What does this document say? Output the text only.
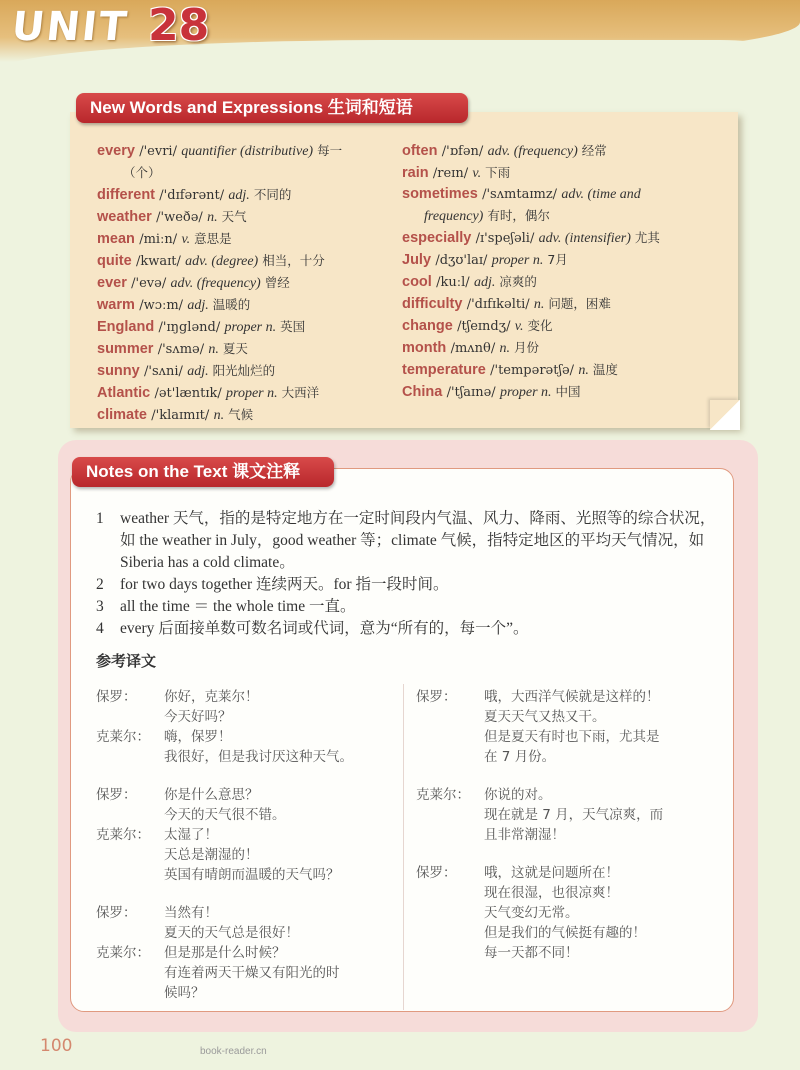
UNIT 28
New Words and Expressions 生词和短语
every /'evri/ quantifier (distributive) 每一
（个）
different /'dɪfərənt/ adj. 不同的
weather /'weðə/ n. 天气
mean /miːn/ v. 意思是
quite /kwaɪt/ adv. (degree) 相当，十分
ever /'evə/ adv. (frequency) 曾经
warm /wɔːm/ adj. 温暖的
England /'ɪŋglənd/ proper n. 英国
summer /'sʌmə/ n. 夏天
sunny /'sʌni/ adj. 阳光灿烂的
Atlantic /ət'læntɪk/ proper n. 大西洋
climate /'klaɪmɪt/ n. 气候
often /'ɒfən/ adv. (frequency) 经常
rain /reɪn/ v. 下雨
sometimes /'sʌmtaɪmz/ adv. (time and
frequency) 有时，偶尔
especially /ɪ'speʃəli/ adv. (intensifier) 尤其
July /dʒʊ'laɪ/ proper n. 7月
cool /kuːl/ adj. 凉爽的
difficulty /'dɪfɪkəlti/ n. 问题，困难
change /tʃeɪndʒ/ v. 变化
month /mʌnθ/ n. 月份
temperature /'tempərətʃə/ n. 温度
China /'tʃaɪnə/ proper n. 中国
Notes on the Text 课文注释
1	weather 天气，指的是特定地方在一定时间段内气温、风力、降雨、光照等的综合状况，如 the weather in July，good weather 等；climate 气候，指特定地区的平均天气情况，如 Siberia has a cold climate。
2	for two days together 连续两天。for 指一段时间。
3	all the time ＝ the whole time 一直。
4	every 后面接单数可数名词或代词，意为“所有的，每一个”。
参考译文
保罗：	你好，克莱尔！
今天好吗？
克莱尔：	嗨，保罗！
我很好，但是我讨厌这种天气。
保罗：	你是什么意思？
今天的天气很不错。
克莱尔：	太湿了！
天总是潮湿的！
英国有晴朗而温暖的天气吗？
保罗：	当然有！
夏天的天气总是很好！
克莱尔：	但是那是什么时候？
有连着两天干燥又有阳光的时
候吗？
保罗：	哦，大西洋气候就是这样的！
夏天天气又热又干。
但是夏天有时也下雨，尤其是
在 7 月份。
克莱尔：	你说的对。
现在就是 7 月，天气凉爽，而
且非常潮湿！
保罗：	哦，这就是问题所在！
现在很湿，也很凉爽！
天气变幻无常。
但是我们的气候挺有趣的！
每一天都不同！
100	book-reader.cn
